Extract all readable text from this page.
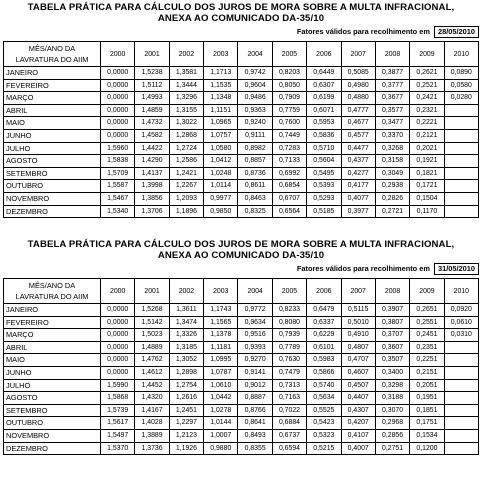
TABELA PRÁTICA PARA CÁLCULO DOS JUROS DE MORA SOBRE A MULTA INFRACIONAL,
ANEXA AO COMUNICADO DA-35/10
Fatores válidos para recolhimento em 28/05/2010
MÊS/ANO DA
LAVRATURA DO AIIM	2000	2001	2002	2003	2004	2005	2006	2007	2008	2009	2010
JANEIRO	0,0000	1,5238	1,3581	1,1713	0,9742	0,8203	0,6449	0,5085	0,3877	0,2621	0,0890
FEVEREIRO	0,0000	1,5112	1,3444	1,1535	0,9604	0,8050	0,6307	0,4980	0,3777	0,2521	0,0580
MARÇO	0,0000	1,4993	1,3296	1,1348	0,9486	0,7909	0,6199	0,4880	0,3677	0,2421	0,0280
ABRIL	0,0000	1,4859	1,3155	1,1151	0,9363	0,7759	0,6071	0,4777	0,3577	0,2321	
MAIO	0,0000	1,4732	1,3022	1,0965	0,9240	0,7600	0,5953	0,4677	0,3477	0,2221	
JUNHO	0,0000	1,4582	1,2868	1,0757	0,9111	0,7449	0,5836	0,4577	0,3370	0,2121	
JULHO	1,5960	1,4422	1,2724	1,0580	0,8982	0,7283	0,5710	0,4477	0,3268	0,2021	
AGOSTO	1,5838	1,4290	1,2586	1,0412	0,8857	0,7133	0,5604	0,4377	0,3158	0,1921	
SETEMBRO	1,5709	1,4137	1,2421	1,0248	0,8736	0,6992	0,5495	0,4277	0,3049	0,1821	
OUTUBRO	1,5587	1,3998	1,2267	1,0114	0,8611	0,6854	0,5393	0,4177	0,2938	0,1721	
NOVEMBRO	1,5467	1,3856	1,2093	0,9977	0,8463	0,6707	0,5293	0,4077	0,2826	0,1504	
DEZEMBRO	1,5340	1,3706	1,1896	0,9850	0,8325	0,6564	0,5185	0,3977	0,2721	0,1170	
TABELA PRÁTICA PARA CÁLCULO DOS JUROS DE MORA SOBRE A MULTA INFRACIONAL,
ANEXA AO COMUNICADO DA-35/10
Fatores válidos para recolhimento em 31/05/2010
MÊS/ANO DA
LAVRATURA DO AIIM	2000	2001	2002	2003	2004	2005	2006	2007	2008	2009	2010
JANEIRO	0,0000	1,5268	1,3611	1,1743	0,9772	0,8233	0,6479	0,5115	0,3907	0,2651	0,0920
FEVEREIRO	0,0000	1,5142	1,3474	1,1565	0,9634	0,8080	0,6337	0,5010	0,3807	0,2551	0,0610
MARÇO	0,0000	1,5023	1,3326	1,1378	0,9516	0,7939	0,6229	0,4910	0,3707	0,2451	0,0310
ABRIL	0,0000	1,4889	1,3185	1,1181	0,9393	0,7789	0,6101	0,4807	0,3607	0,2351	
MAIO	0,0000	1,4762	1,3052	1,0995	0,9270	0,7630	0,5983	0,4707	0,3507	0,2251	
JUNHO	0,0000	1,4612	1,2898	1,0787	0,9141	0,7479	0,5866	0,4607	0,3400	0,2151	
JULHO	1,5990	1,4452	1,2754	1,0610	0,9012	0,7313	0,5740	0,4507	0,3298	0,2051	
AGOSTO	1,5868	1,4320	1,2616	1,0442	0,8887	0,7163	0,5634	0,4407	0,3188	0,1951	
SETEMBRO	1,5739	1,4167	1,2451	1,0278	0,8766	0,7022	0,5525	0,4307	0,3070	0,1851	
OUTUBRO	1,5617	1,4028	1,2297	1,0144	0,8641	0,6884	0,5423	0,4207	0,2968	0,1751	
NOVEMBRO	1,5497	1,3889	1,2123	1,0007	0,8493	0,6737	0,5323	0,4107	0,2856	0,1534	
DEZEMBRO	1,5370	1,3736	1,1926	0,9880	0,8355	0,6594	0,5215	0,4007	0,2751	0,1200	
